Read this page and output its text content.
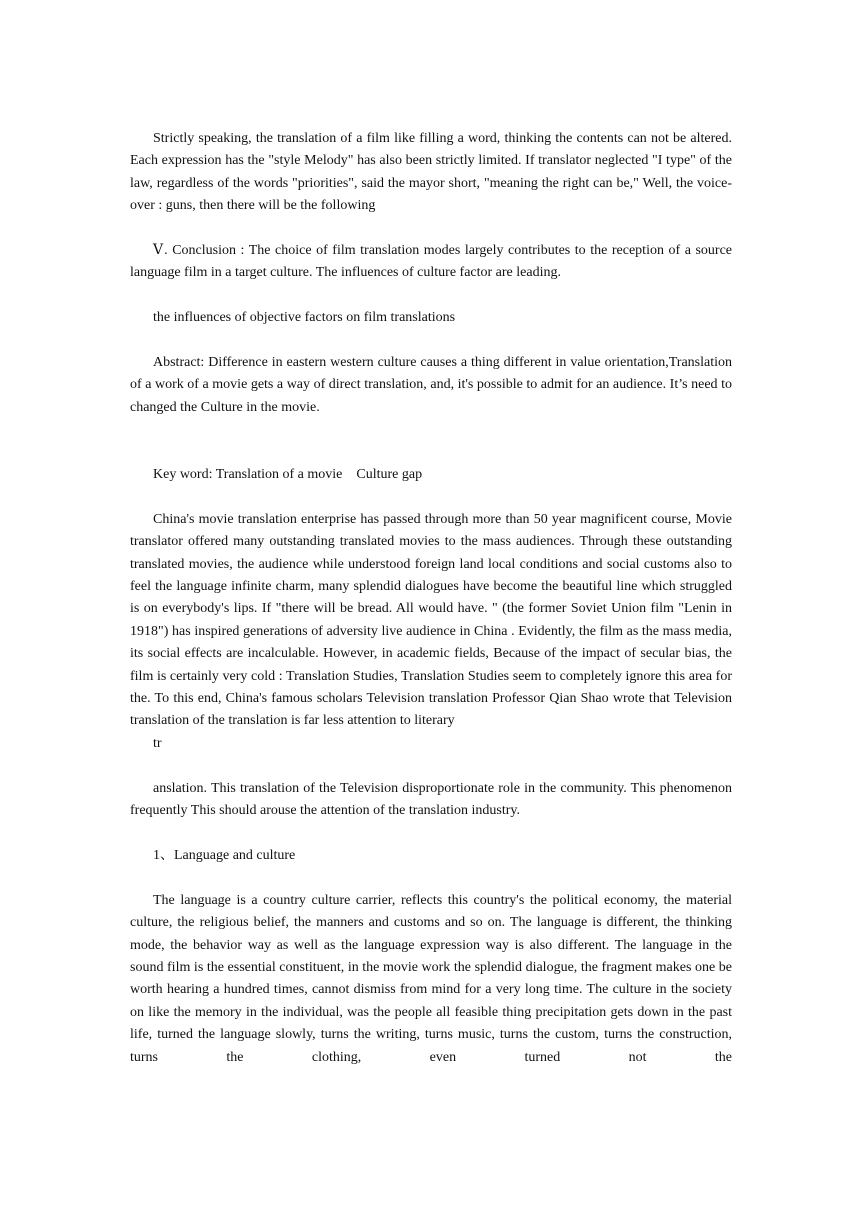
Strictly speaking, the translation of a film like filling a word, thinking the contents can not be altered. Each expression has the "style Melody" has also been strictly limited. If translator neglected "I type" of the law, regardless of the words "priorities", said the mayor short, "meaning the right can be," Well, the voice-over : guns, then there will be the following

Ⅴ. Conclusion : The choice of film translation modes largely contributes to the reception of a source language film in a target culture. The influences of culture factor are leading.

the influences of objective factors on film translations

Abstract: Difference in eastern western culture causes a thing different in value orientation,Translation of a work of a movie gets a way of direct translation, and, it's possible to admit for an audience. It’s need to changed the Culture in the movie.

Key word: Translation of a movie    Culture gap

China's movie translation enterprise has passed through more than 50 year magnificent course, Movie translator offered many outstanding translated movies to the mass audiences. Through these outstanding translated movies, the audience while understood foreign land local conditions and social customs also to feel the language infinite charm, many splendid dialogues have become the beautiful line which struggled is on everybody's lips. If "there will be bread. All would have. " (the former Soviet Union film "Lenin in 1918") has inspired generations of adversity live audience in China . Evidently, the film as the mass media, its social effects are incalculable. However, in academic fields, Because of the impact of secular bias, the film is certainly very cold : Translation Studies, Translation Studies seem to completely ignore this area for the. To this end, China's famous scholars Television translation Professor Qian Shao wrote that Television translation of the translation is far less attention to literary

tr

anslation. This translation of the Television disproportionate role in the community. This phenomenon frequently This should arouse the attention of the translation industry.

1、Language and culture

The language is a country culture carrier, reflects this country's the political economy, the material culture, the religious belief, the manners and customs and so on. The language is different, the thinking mode, the behavior way as well as the language expression way is also different. The language in the sound film is the essential constituent, in the movie work the splendid dialogue, the fragment makes one be worth hearing a hundred times, cannot dismiss from mind for a very long time. The culture in the society on like the memory in the individual, was the people all feasible thing precipitation gets down in the past life, turned the language slowly, turns the writing, turns music, turns the custom, turns the construction, turns the clothing, even turned not the
